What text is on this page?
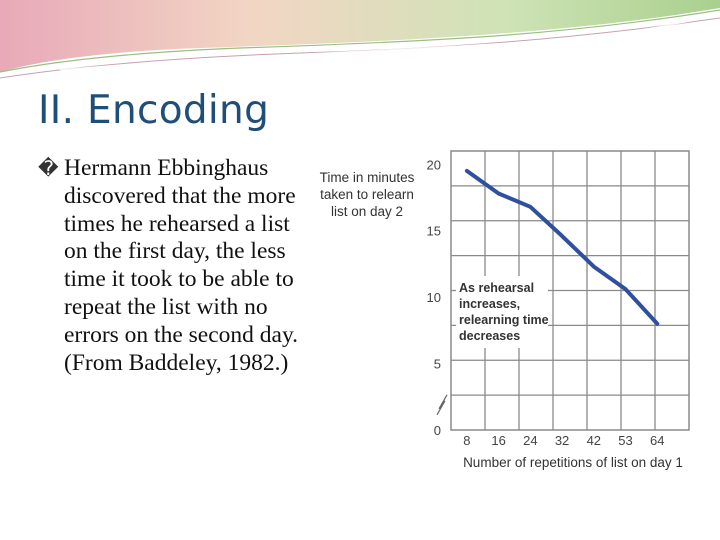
II. Encoding
� Hermann Ebbinghaus discovered that the more times he rehearsed a list on the first day, the less time it took to be able to repeat the list with no errors on the second day. (From Baddeley, 1982.)
0
5
10
15
20
8 16 24 32 42 53 64
Time in minutes
taken to relearn
list on day 2
Number of repetitions of list on day 1
As rehearsal
increases,
relearning time
decreases
